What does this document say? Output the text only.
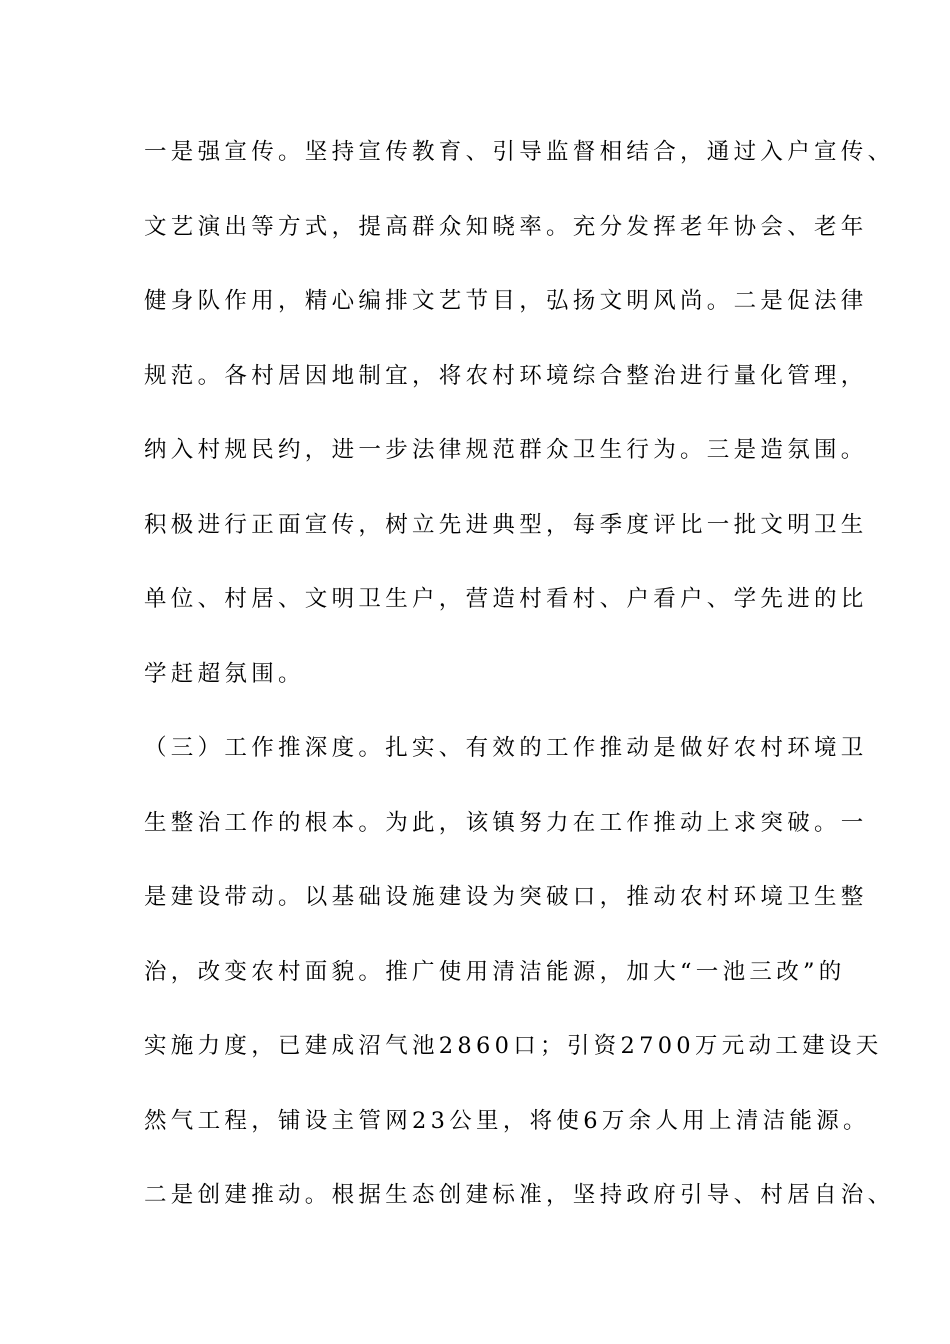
一是强宣传。坚持宣传教育、引导监督相结合，通过入户宣传、
文艺演出等方式，提高群众知晓率。充分发挥老年协会、老年
健身队作用，精心编排文艺节目，弘扬文明风尚。二是促法律
规范。各村居因地制宜，将农村环境综合整治进行量化管理，
纳入村规民约，进一步法律规范群众卫生行为。三是造氛围。
积极进行正面宣传，树立先进典型，每季度评比一批文明卫生
单位、村居、文明卫生户，营造村看村、户看户、学先进的比
学赶超氛围。
（三）工作推深度。扎实、有效的工作推动是做好农村环境卫
生整治工作的根本。为此，该镇努力在工作推动上求突破。一
是建设带动。以基础设施建设为突破口，推动农村环境卫生整
治，改变农村面貌。推广使用清洁能源，加大“一池三改”的
实施力度，已建成沼气池2860口；引资2700万元动工建设天
然气工程，铺设主管网23公里，将使6万余人用上清洁能源。
二是创建推动。根据生态创建标准，坚持政府引导、村居自治、
